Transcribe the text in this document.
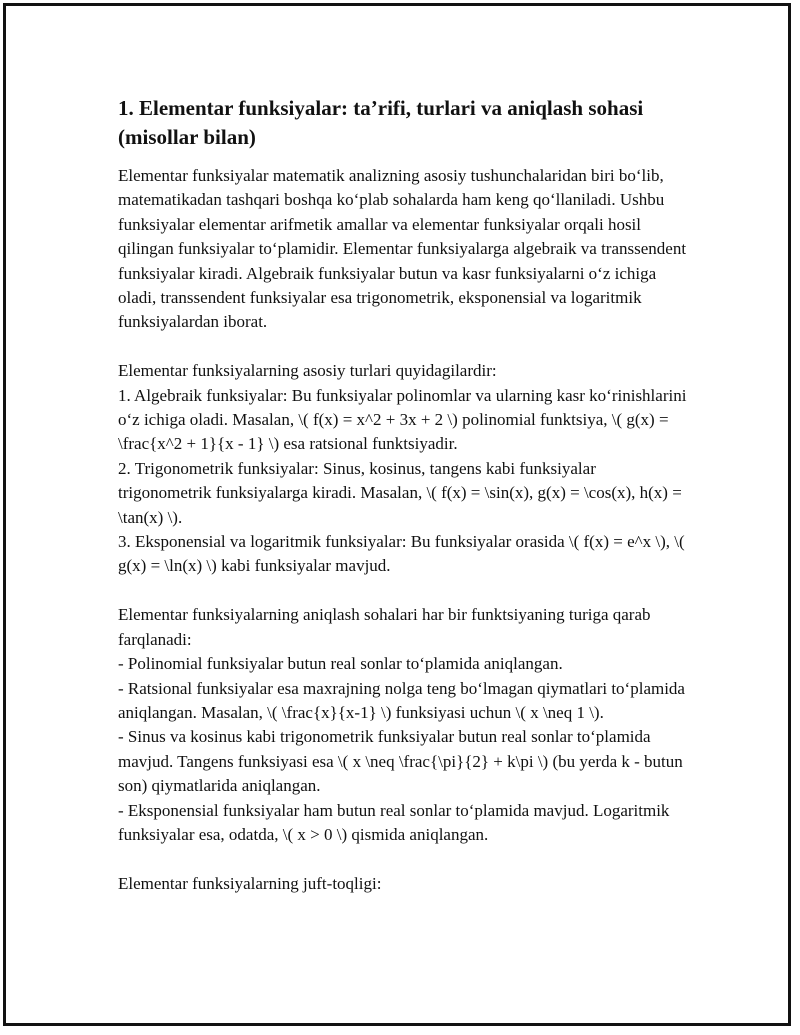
1. Elementar funksiyalar: ta’rifi, turlari va aniqlash sohasi (misollar bilan)

Elementar funksiyalar matematik analizning asosiy tushunchalaridan biri bo‘lib, matematikadan tashqari boshqa ko‘plab sohalarda ham keng qo‘llaniladi. Ushbu funksiyalar elementar arifmetik amallar va elementar funksiyalar orqali hosil qilingan funksiyalar to‘plamidir. Elementar funksiyalarga algebraik va transsendent funksiyalar kiradi. Algebraik funksiyalar butun va kasr funksiyalarni o‘z ichiga oladi, transsendent funksiyalar esa trigonometrik, eksponensial va logaritmik funksiyalardan iborat.

Elementar funksiyalarning asosiy turlari quyidagilardir:
1. Algebraik funksiyalar: Bu funksiyalar polinomlar va ularning kasr ko‘rinishlarini o‘z ichiga oladi. Masalan, \( f(x) = x^2 + 3x + 2 \) polinomial funktsiya, \( g(x) = \frac{x^2 + 1}{x - 1} \) esa ratsional funktsiyadir.
2. Trigonometrik funksiyalar: Sinus, kosinus, tangens kabi funksiyalar trigonometrik funksiyalarga kiradi. Masalan, \( f(x) = \sin(x), g(x) = \cos(x), h(x) = \tan(x) \).
3. Eksponensial va logaritmik funksiyalar: Bu funksiyalar orasida \( f(x) = e^x \), \( g(x) = \ln(x) \) kabi funksiyalar mavjud.

Elementar funksiyalarning aniqlash sohalari har bir funktsiyaning turiga qarab farqlanadi:
- Polinomial funksiyalar butun real sonlar to‘plamida aniqlangan.
- Ratsional funksiyalar esa maxrajning nolga teng bo‘lmagan qiymatlari to‘plamida aniqlangan. Masalan, \( \frac{x}{x-1} \) funksiyasi uchun \( x \neq 1 \).
- Sinus va kosinus kabi trigonometrik funksiyalar butun real sonlar to‘plamida mavjud. Tangens funksiyasi esa \( x \neq \frac{\pi}{2} + k\pi \) (bu yerda k - butun son) qiymatlarida aniqlangan.
- Eksponensial funksiyalar ham butun real sonlar to‘plamida mavjud. Logaritmik funksiyalar esa, odatda, \( x > 0 \) qismida aniqlangan.

Elementar funksiyalarning juft-toqligi:
